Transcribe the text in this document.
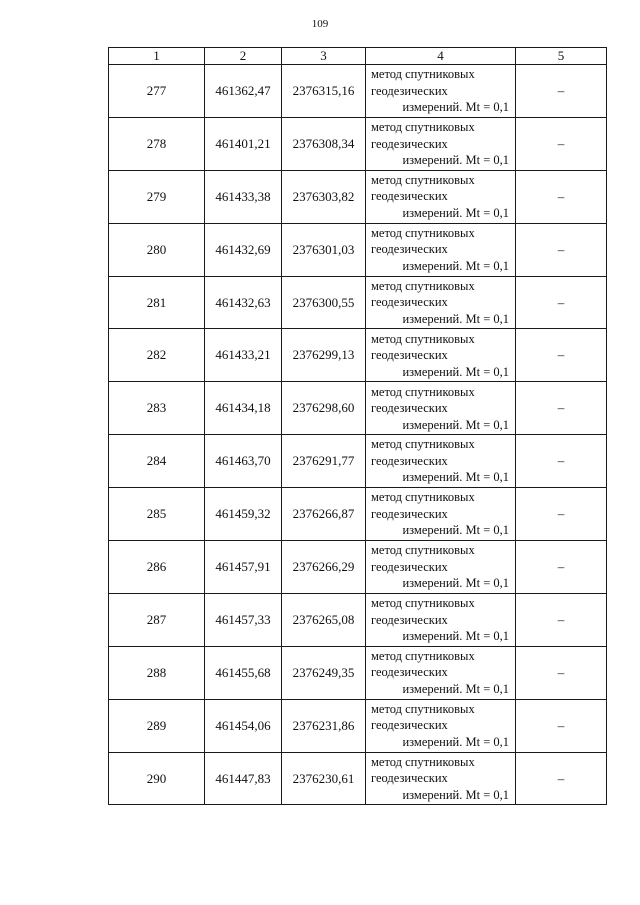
109
1	2	3	4	5
277	461362,47	2376315,16	метод спутниковых
геодезических
измерений. Mt = 0,1	–
278	461401,21	2376308,34	метод спутниковых
геодезических
измерений. Mt = 0,1	–
279	461433,38	2376303,82	метод спутниковых
геодезических
измерений. Mt = 0,1	–
280	461432,69	2376301,03	метод спутниковых
геодезических
измерений. Mt = 0,1	–
281	461432,63	2376300,55	метод спутниковых
геодезических
измерений. Mt = 0,1	–
282	461433,21	2376299,13	метод спутниковых
геодезических
измерений. Mt = 0,1	–
283	461434,18	2376298,60	метод спутниковых
геодезических
измерений. Mt = 0,1	–
284	461463,70	2376291,77	метод спутниковых
геодезических
измерений. Mt = 0,1	–
285	461459,32	2376266,87	метод спутниковых
геодезических
измерений. Mt = 0,1	–
286	461457,91	2376266,29	метод спутниковых
геодезических
измерений. Mt = 0,1	–
287	461457,33	2376265,08	метод спутниковых
геодезических
измерений. Mt = 0,1	–
288	461455,68	2376249,35	метод спутниковых
геодезических
измерений. Mt = 0,1	–
289	461454,06	2376231,86	метод спутниковых
геодезических
измерений. Mt = 0,1	–
290	461447,83	2376230,61	метод спутниковых
геодезических
измерений. Mt = 0,1	–
